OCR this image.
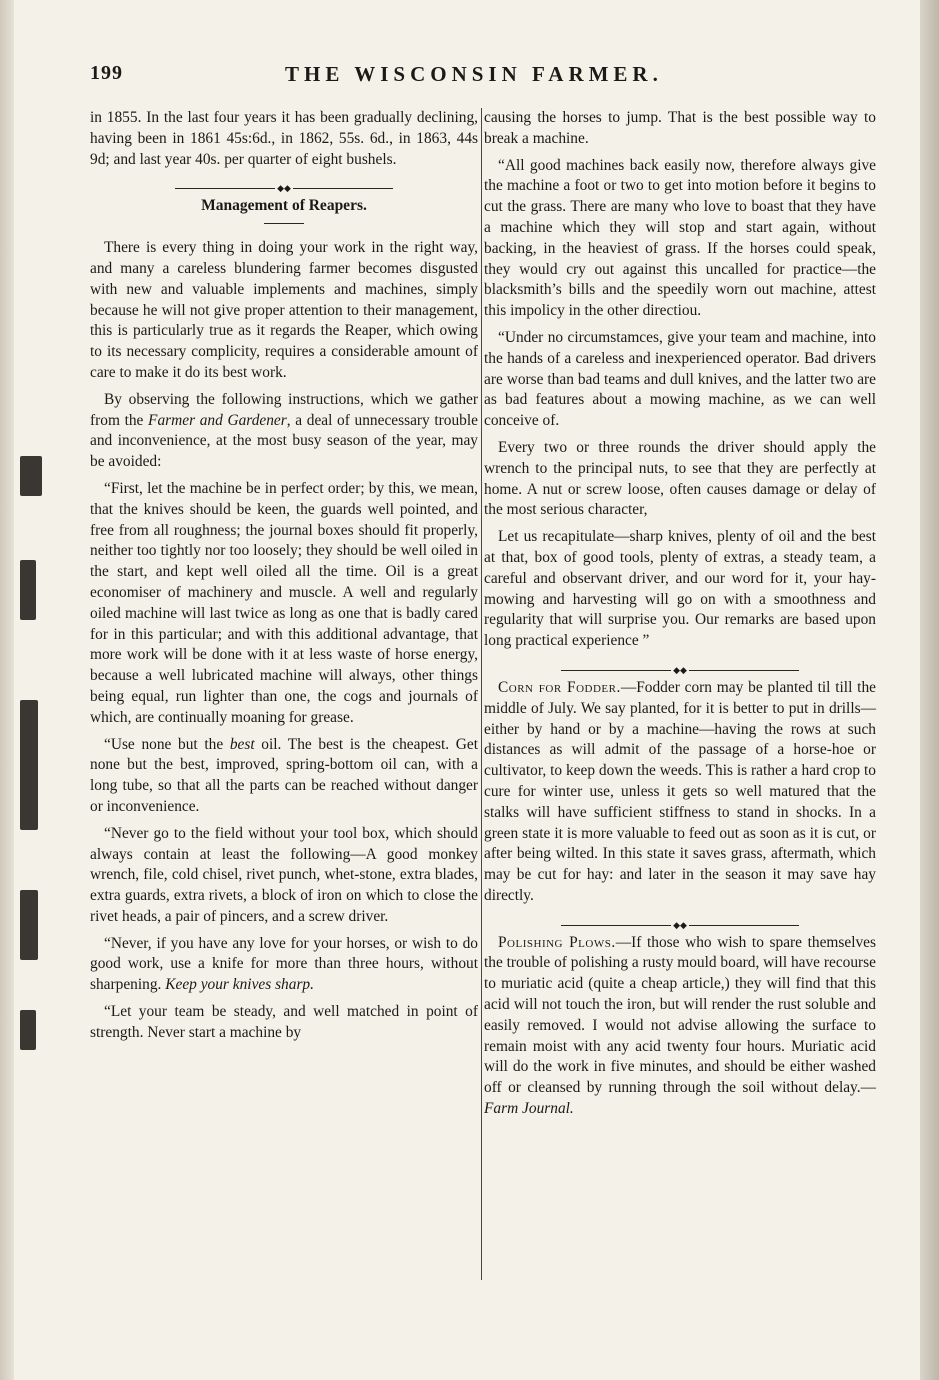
199	THE WISCONSIN FARMER.

in 1855. In the last four years it has been gradually declining, having been in 1861 45s:6d., in 1862, 55s. 6d., in 1863, 44s 9d; and last year 40s. per quarter of eight bushels.

◆◆
Management of Reapers.

There is every thing in doing your work in the right way, and many a careless blundering farmer becomes disgusted with new and valuable implements and machines, simply because he will not give proper attention to their management, this is particularly true as it regards the Reaper, which owing to its necessary complicity, requires a considerable amount of care to make it do its best work.

By observing the following instructions, which we gather from the Farmer and Gardener, a deal of unnecessary trouble and inconvenience, at the most busy season of the year, may be avoided:

“First, let the machine be in perfect order; by this, we mean, that the knives should be keen, the guards well pointed, and free from all roughness; the journal boxes should fit properly, neither too tightly nor too loosely; they should be well oiled in the start, and kept well oiled all the time. Oil is a great economiser of machinery and muscle. A well and regularly oiled machine will last twice as long as one that is badly cared for in this particular; and with this additional advantage, that more work will be done with it at less waste of horse energy, because a well lubricated machine will always, other things being equal, run lighter than one, the cogs and journals of which, are continually moaning for grease.

“Use none but the best oil. The best is the cheapest. Get none but the best, improved, spring-bottom oil can, with a long tube, so that all the parts can be reached without danger or inconvenience.

“Never go to the field without your tool box, which should always contain at least the following—A good monkey wrench, file, cold chisel, rivet punch, whet-stone, extra blades, extra guards, extra rivets, a block of iron on which to close the rivet heads, a pair of pincers, and a screw driver.

“Never, if you have any love for your horses, or wish to do good work, use a knife for more than three hours, without sharpening. Keep your knives sharp.

“Let your team be steady, and well matched in point of strength. Never start a machine by

causing the horses to jump. That is the best possible way to break a machine.

“All good machines back easily now, therefore always give the machine a foot or two to get into motion before it begins to cut the grass. There are many who love to boast that they have a machine which they will stop and start again, without backing, in the heaviest of grass. If the horses could speak, they would cry out against this uncalled for practice—the blacksmith’s bills and the speedily worn out machine, attest this impolicy in the other directiou.

“Under no circumstamces, give your team and machine, into the hands of a careless and inexperienced operator. Bad drivers are worse than bad teams and dull knives, and the latter two are as bad features about a mowing machine, as we can well conceive of.

Every two or three rounds the driver should apply the wrench to the principal nuts, to see that they are perfectly at home. A nut or screw loose, often causes damage or delay of the most serious character,

Let us recapitulate—sharp knives, plenty of oil and the best at that, box of good tools, plenty of extras, a steady team, a careful and observant driver, and our word for it, your hay-mowing and harvesting will go on with a smoothness and regularity that will surprise you. Our remarks are based upon long practical experience ”

◆◆

Corn for Fodder.—Fodder corn may be planted til till the middle of July. We say planted, for it is better to put in drills—either by hand or by a machine—having the rows at such distances as will admit of the passage of a horse-hoe or cultivator, to keep down the weeds. This is rather a hard crop to cure for winter use, unless it gets so well matured that the stalks will have sufficient stiffness to stand in shocks. In a green state it is more valuable to feed out as soon as it is cut, or after being wilted. In this state it saves grass, aftermath, which may be cut for hay: and later in the season it may save hay directly.

◆◆

Polishing Plows.—If those who wish to spare themselves the trouble of polishing a rusty mould board, will have recourse to muriatic acid (quite a cheap article,) they will find that this acid will not touch the iron, but will render the rust soluble and easily removed. I would not advise allowing the surface to remain moist with any acid twenty four hours. Muriatic acid will do the work in five minutes, and should be either washed off or cleansed by running through the soil without delay.—Farm Journal.
